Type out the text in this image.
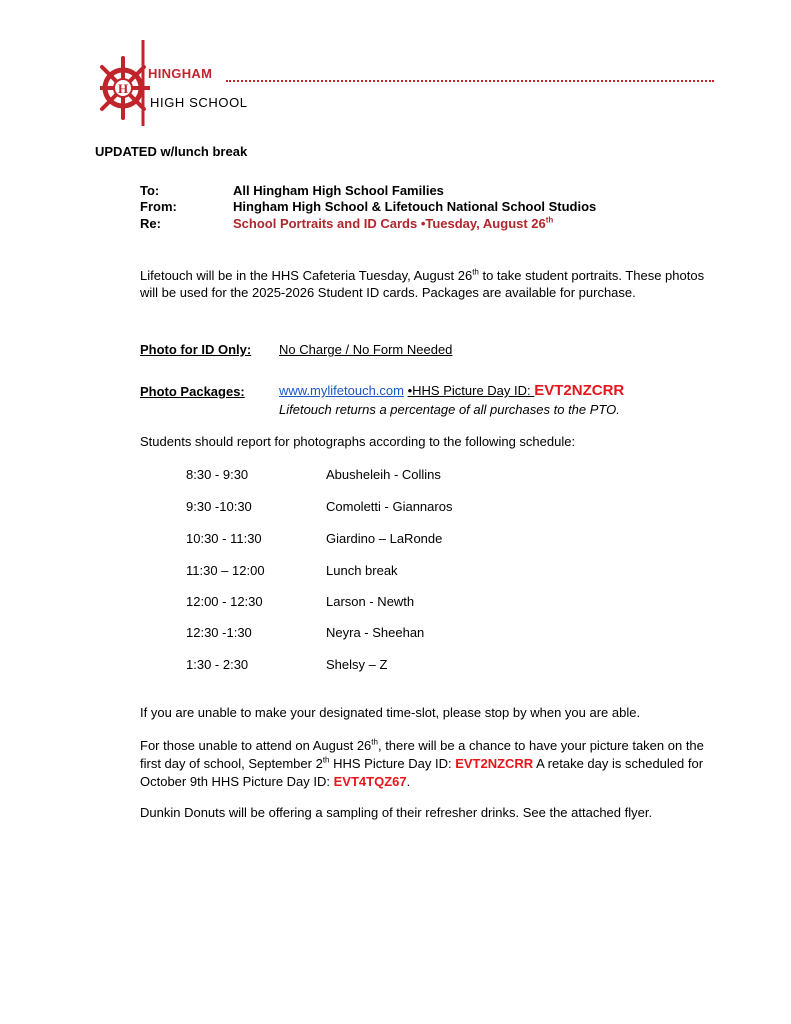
H
HINGHAM
HIGH SCHOOL
UPDATED w/lunch break
To:	All Hingham High School Families
From:	Hingham High School & Lifetouch National School Studios
Re:	School Portraits and ID Cards •Tuesday, August 26th
Lifetouch will be in the HHS Cafeteria Tuesday, August 26th to take student portraits. These photos will be used for the 2025-2026 Student ID cards. Packages are available for purchase.
Photo for ID Only: No Charge / No Form Needed
Photo Packages:	www.mylifetouch.com •HHS Picture Day ID: EVT2NZCRR
Lifetouch returns a percentage of all purchases to the PTO.
Students should report for photographs according to the following schedule:
8:30 - 9:30	Abusheleih - Collins
9:30 -10:30	Comoletti - Giannaros
10:30 - 11:30	Giardino – LaRonde
11:30 – 12:00	Lunch break
12:00 - 12:30	Larson - Newth
12:30 -1:30	Neyra - Sheehan
1:30 - 2:30	Shelsy – Z
If you are unable to make your designated time-slot, please stop by when you are able.
For those unable to attend on August 26th, there will be a chance to have your picture taken on the first day of school, September 2th HHS Picture Day ID: EVT2NZCRR A retake day is scheduled for October 9th HHS Picture Day ID: EVT4TQZ67.
Dunkin Donuts will be offering a sampling of their refresher drinks. See the attached flyer.
